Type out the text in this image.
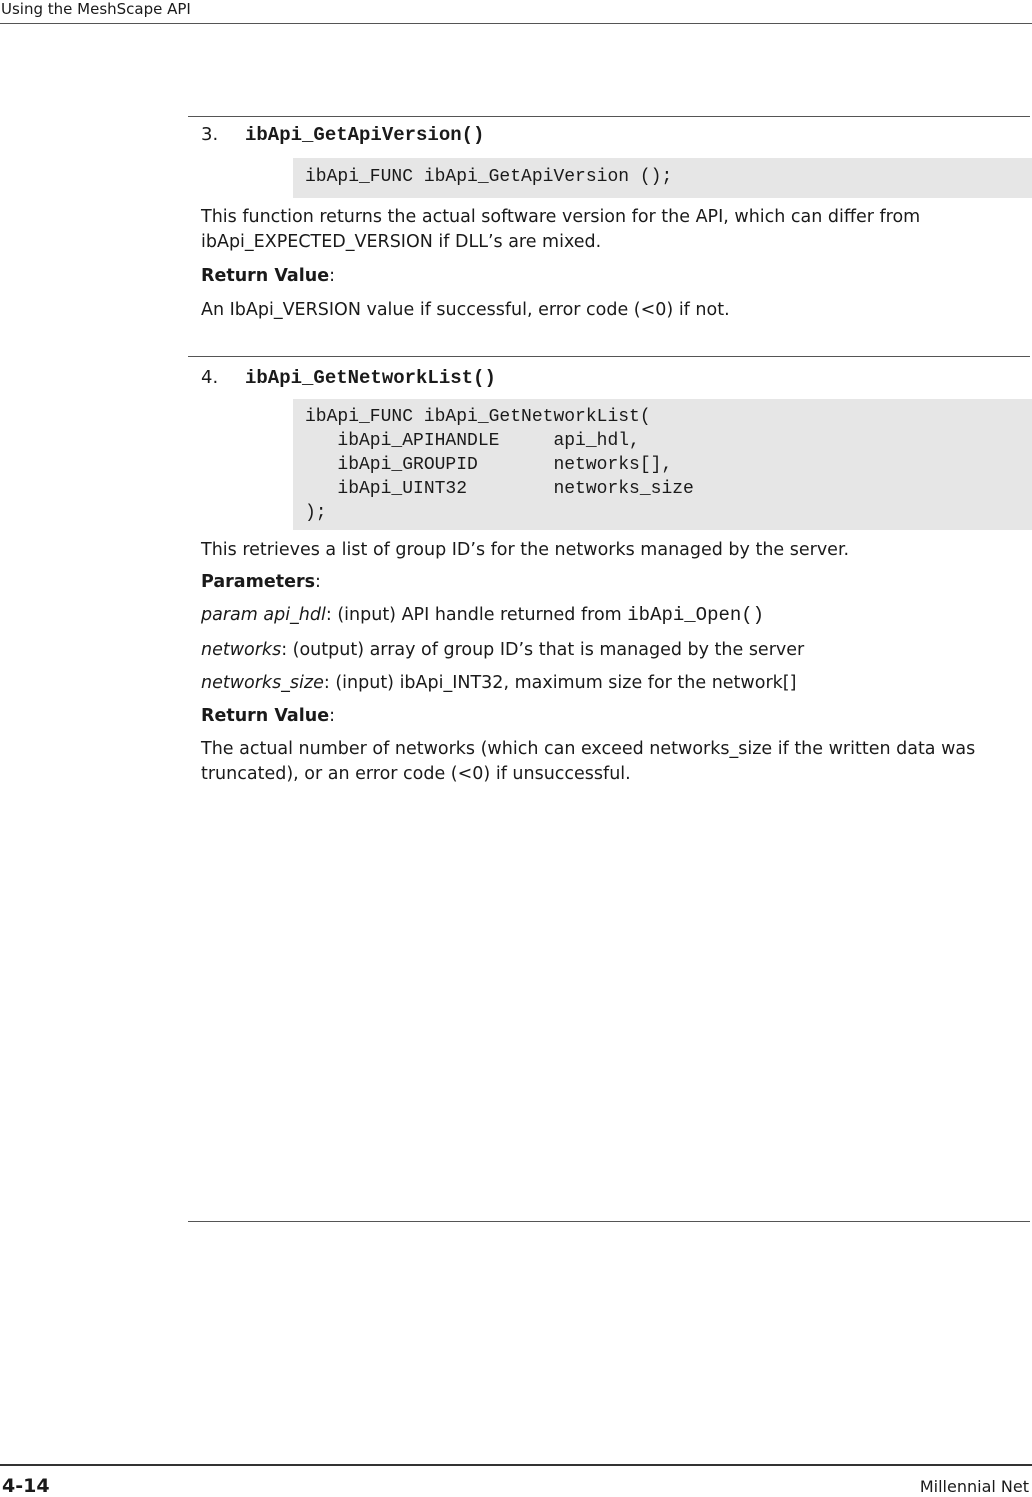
Using the MeshScape API
3. ibApi_GetApiVersion()
ibApi_FUNC ibApi_GetApiVersion ();

This function returns the actual software version for the API, which can differ from ibApi_EXPECTED_VERSION if DLL’s are mixed.

Return Value:

An IbApi_VERSION value if successful, error code (<0) if not.

4. ibApi_GetNetworkList()
ibApi_FUNC ibApi_GetNetworkList(
ibApi_APIHANDLE     api_hdl,
ibApi_GROUPID       networks[],
ibApi_UINT32        networks_size
);

This retrieves a list of group ID’s for the networks managed by the server.

Parameters:

param api_hdl: (input) API handle returned from ibApi_Open()

networks: (output) array of group ID’s that is managed by the server

networks_size: (input) ibApi_INT32, maximum size for the network[]

Return Value:

The actual number of networks (which can exceed networks_size if the written data was truncated), or an error code (<0) if unsuccessful.

4-14	Millennial Net
